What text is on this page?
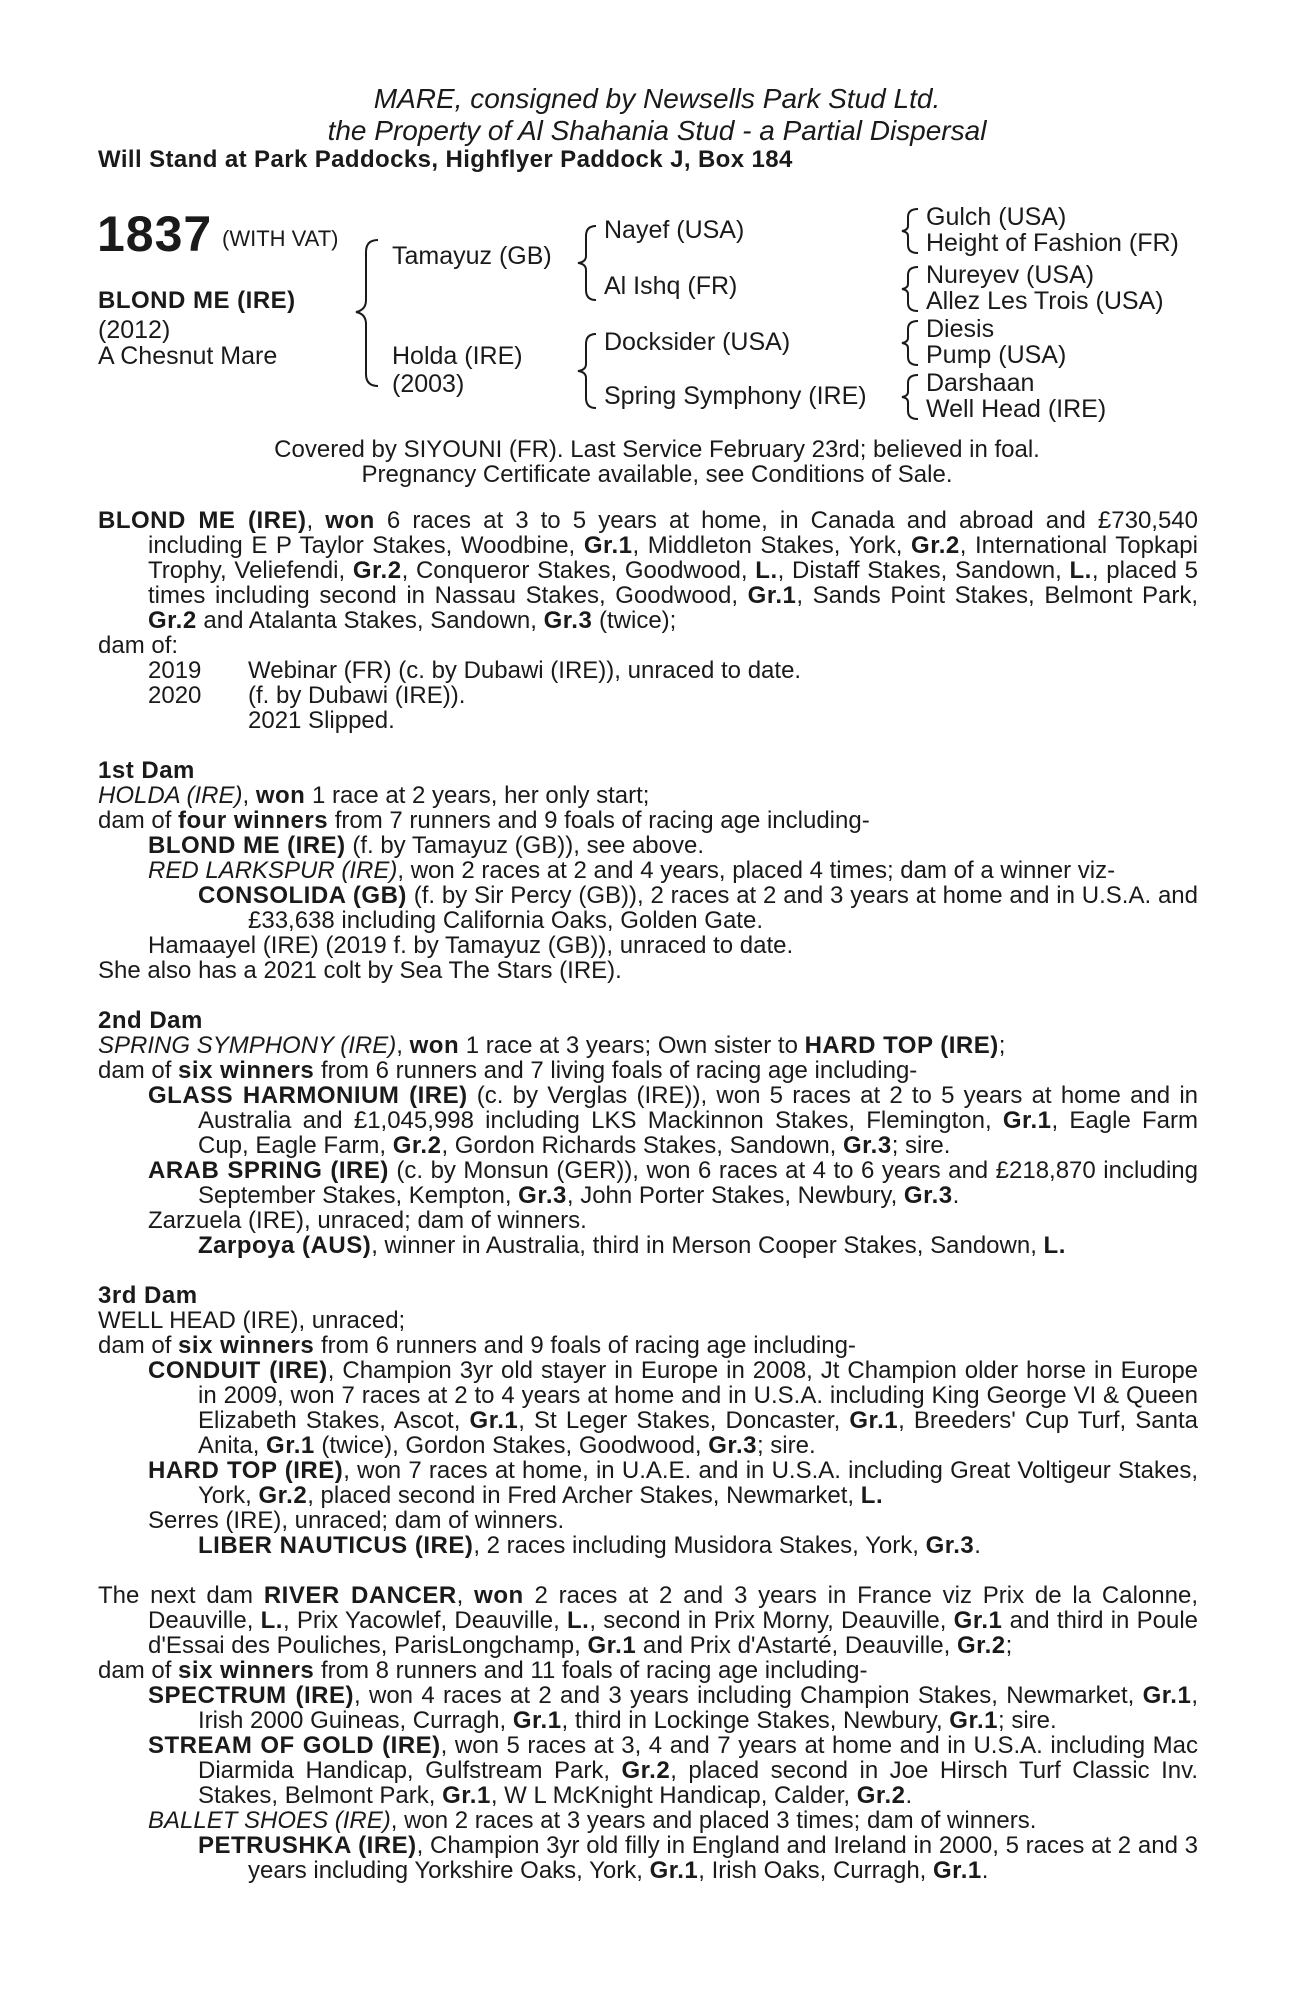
MARE, consigned by Newsells Park Stud Ltd.
the Property of Al Shahania Stud - a Partial Dispersal
Will Stand at Park Paddocks, Highflyer Paddock J, Box 184
1837 (WITH VAT)
BLOND ME (IRE)
(2012)
A Chesnut Mare
Tamayuz (GB)
Holda (IRE)
(2003)
Nayef (USA)
Al Ishq (FR)
Docksider (USA)
Spring Symphony (IRE)
Gulch (USA)
Height of Fashion (FR)
Nureyev (USA)
Allez Les Trois (USA)
Diesis
Pump (USA)
Darshaan
Well Head (IRE)
Covered by SIYOUNI (FR). Last Service February 23rd; believed in foal.
Pregnancy Certificate available, see Conditions of Sale.

BLOND ME (IRE), won 6 races at 3 to 5 years at home, in Canada and abroad and £730,540 including E P Taylor Stakes, Woodbine, Gr.1, Middleton Stakes, York, Gr.2, International Topkapi Trophy, Veliefendi, Gr.2, Conqueror Stakes, Goodwood, L., Distaff Stakes, Sandown, L., placed 5 times including second in Nassau Stakes, Goodwood, Gr.1, Sands Point Stakes, Belmont Park, Gr.2 and Atalanta Stakes, Sandown, Gr.3 (twice);

dam of:

2019 Webinar (FR) (c. by Dubawi (IRE)), unraced to date.

2020 (f. by Dubawi (IRE)).

2021 Slipped.

1st Dam

HOLDA (IRE), won 1 race at 2 years, her only start;

dam of four winners from 7 runners and 9 foals of racing age including-

BLOND ME (IRE) (f. by Tamayuz (GB)), see above.

RED LARKSPUR (IRE), won 2 races at 2 and 4 years, placed 4 times; dam of a winner viz-

CONSOLIDA (GB) (f. by Sir Percy (GB)), 2 races at 2 and 3 years at home and in U.S.A. and £33,638 including California Oaks, Golden Gate.

Hamaayel (IRE) (2019 f. by Tamayuz (GB)), unraced to date.

She also has a 2021 colt by Sea The Stars (IRE).

2nd Dam

SPRING SYMPHONY (IRE), won 1 race at 3 years; Own sister to HARD TOP (IRE);

dam of six winners from 6 runners and 7 living foals of racing age including-

GLASS HARMONIUM (IRE) (c. by Verglas (IRE)), won 5 races at 2 to 5 years at home and in Australia and £1,045,998 including LKS Mackinnon Stakes, Flemington, Gr.1, Eagle Farm Cup, Eagle Farm, Gr.2, Gordon Richards Stakes, Sandown, Gr.3; sire.

ARAB SPRING (IRE) (c. by Monsun (GER)), won 6 races at 4 to 6 years and £218,870 including September Stakes, Kempton, Gr.3, John Porter Stakes, Newbury, Gr.3.

Zarzuela (IRE), unraced; dam of winners.

Zarpoya (AUS), winner in Australia, third in Merson Cooper Stakes, Sandown, L.

3rd Dam

WELL HEAD (IRE), unraced;

dam of six winners from 6 runners and 9 foals of racing age including-

CONDUIT (IRE), Champion 3yr old stayer in Europe in 2008, Jt Champion older horse in Europe in 2009, won 7 races at 2 to 4 years at home and in U.S.A. including King George VI & Queen Elizabeth Stakes, Ascot, Gr.1, St Leger Stakes, Doncaster, Gr.1, Breeders' Cup Turf, Santa Anita, Gr.1 (twice), Gordon Stakes, Goodwood, Gr.3; sire.

HARD TOP (IRE), won 7 races at home, in U.A.E. and in U.S.A. including Great Voltigeur Stakes, York, Gr.2, placed second in Fred Archer Stakes, Newmarket, L.

Serres (IRE), unraced; dam of winners.

LIBER NAUTICUS (IRE), 2 races including Musidora Stakes, York, Gr.3.

The next dam RIVER DANCER, won 2 races at 2 and 3 years in France viz Prix de la Calonne, Deauville, L., Prix Yacowlef, Deauville, L., second in Prix Morny, Deauville, Gr.1 and third in Poule d'Essai des Pouliches, ParisLongchamp, Gr.1 and Prix d'Astarté, Deauville, Gr.2;

dam of six winners from 8 runners and 11 foals of racing age including-

SPECTRUM (IRE), won 4 races at 2 and 3 years including Champion Stakes, Newmarket, Gr.1, Irish 2000 Guineas, Curragh, Gr.1, third in Lockinge Stakes, Newbury, Gr.1; sire.

STREAM OF GOLD (IRE), won 5 races at 3, 4 and 7 years at home and in U.S.A. including Mac Diarmida Handicap, Gulfstream Park, Gr.2, placed second in Joe Hirsch Turf Classic Inv. Stakes, Belmont Park, Gr.1, W L McKnight Handicap, Calder, Gr.2.

BALLET SHOES (IRE), won 2 races at 3 years and placed 3 times; dam of winners.

PETRUSHKA (IRE), Champion 3yr old filly in England and Ireland in 2000, 5 races at 2 and 3 years including Yorkshire Oaks, York, Gr.1, Irish Oaks, Curragh, Gr.1.
